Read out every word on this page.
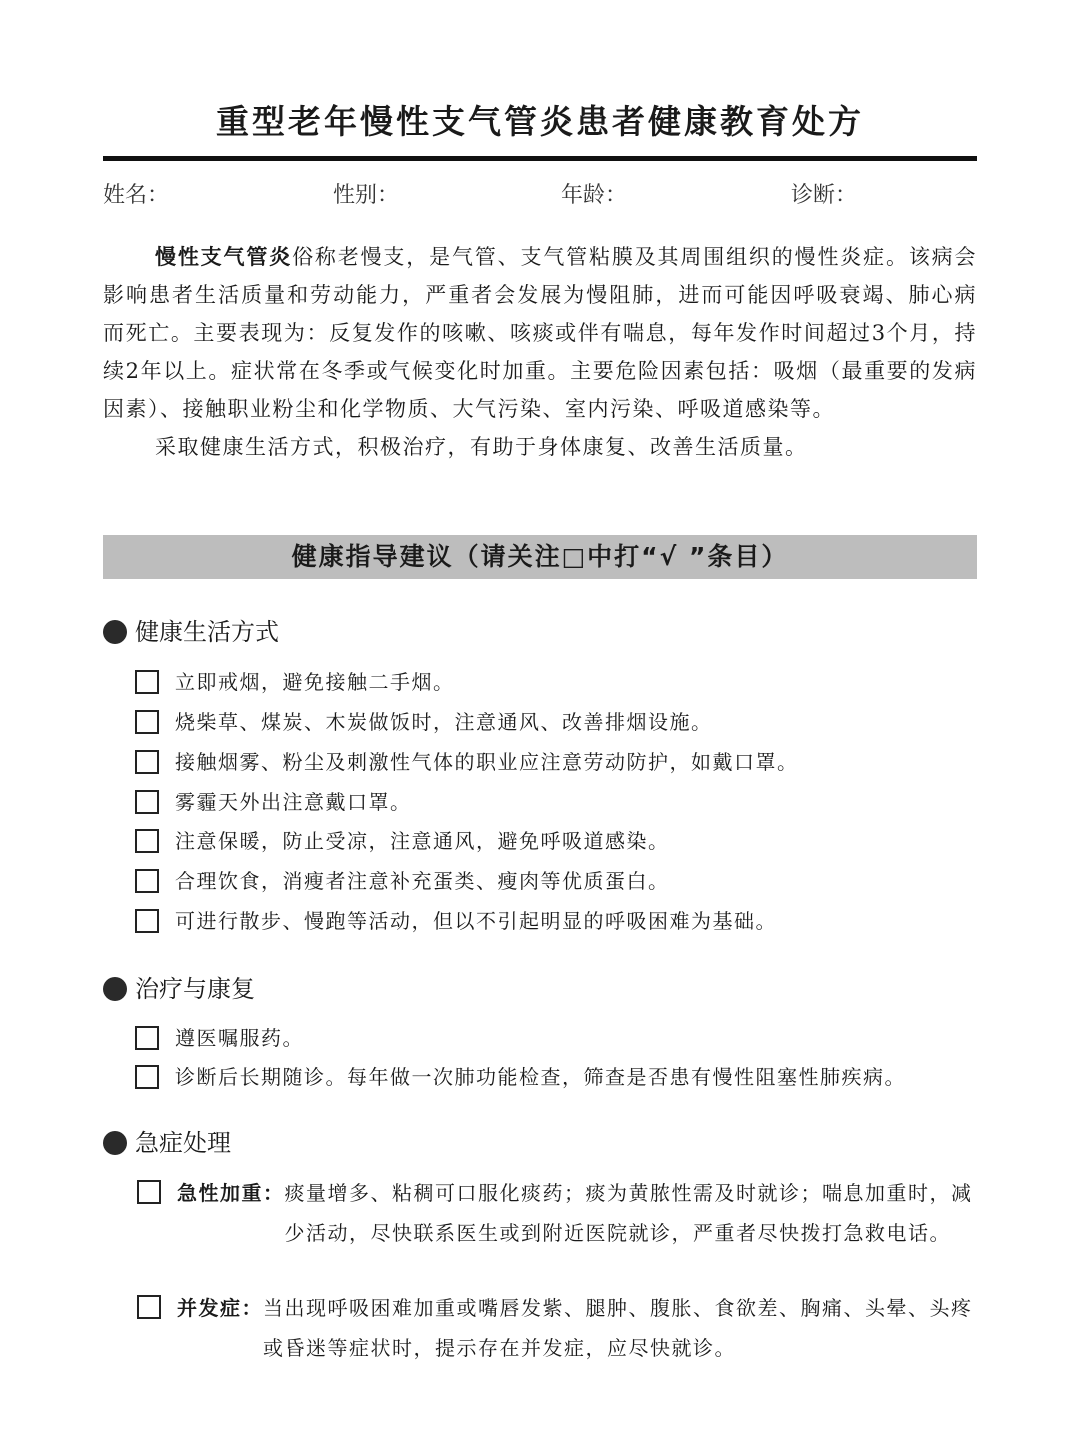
重型老年慢性支气管炎患者健康教育处方
姓名：	性别：	年龄：	诊断：

慢性支气管炎俗称老慢支，是气管、支气管粘膜及其周围组织的慢性炎症。该病会影响患者生活质量和劳动能力，严重者会发展为慢阻肺，进而可能因呼吸衰竭、肺心病而死亡。主要表现为：反复发作的咳嗽、咳痰或伴有喘息，每年发作时间超过3个月，持续2年以上。症状常在冬季或气候变化时加重。主要危险因素包括：吸烟（最重要的发病因素）、接触职业粉尘和化学物质、大气污染、室内污染、呼吸道感染等。

采取健康生活方式，积极治疗，有助于身体康复、改善生活质量。

健康指导建议（请关注□中打“√ ”条目）
健康生活方式
立即戒烟，避免接触二手烟。
烧柴草、煤炭、木炭做饭时，注意通风、改善排烟设施。
接触烟雾、粉尘及刺激性气体的职业应注意劳动防护，如戴口罩。
雾霾天外出注意戴口罩。
注意保暖，防止受凉，注意通风，避免呼吸道感染。
合理饮食，消瘦者注意补充蛋类、瘦肉等优质蛋白。
可进行散步、慢跑等活动，但以不引起明显的呼吸困难为基础。
治疗与康复
遵医嘱服药。
诊断后长期随诊。每年做一次肺功能检查，筛查是否患有慢性阻塞性肺疾病。
急症处理
急性加重： 痰量增多、粘稠可口服化痰药；痰为黄脓性需及时就诊；喘息加重时，减少活动，尽快联系医生或到附近医院就诊，严重者尽快拨打急救电话。
并发症： 当出现呼吸困难加重或嘴唇发紫、腿肿、腹胀、食欲差、胸痛、头晕、头疼或昏迷等症状时，提示存在并发症，应尽快就诊。
